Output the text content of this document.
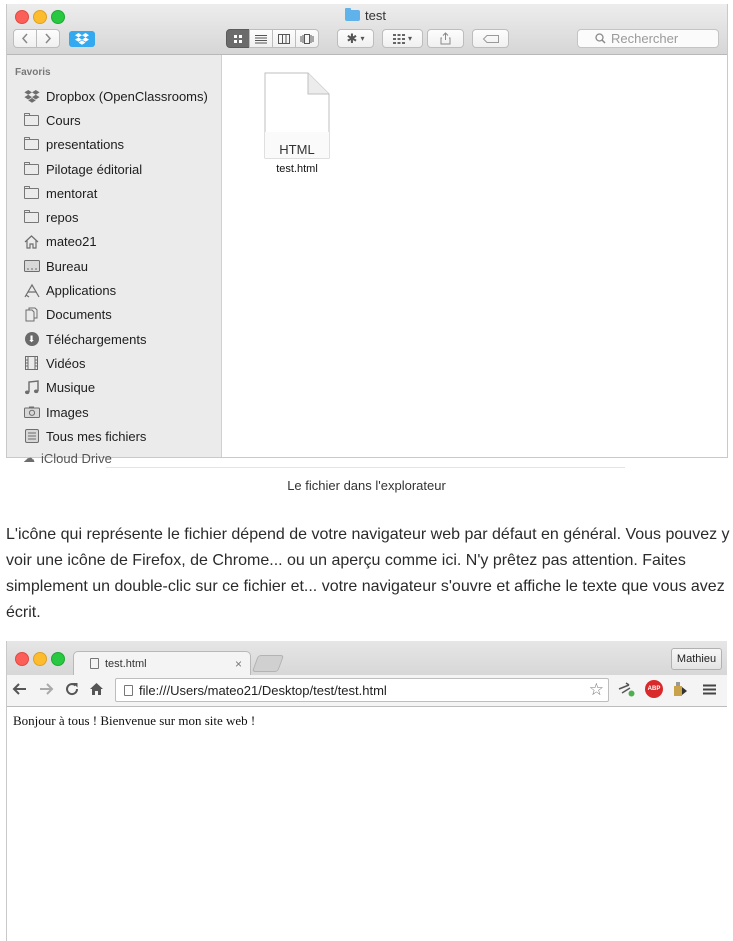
test
✱ ▾	▾
Rechercher
Favoris
Dropbox (OpenClassrooms)
Cours
presentations
Pilotage éditorial
mentorat
repos
mateo21
Bureau
Applications
Documents
⬇ Téléchargements
Vidéos
Musique
Images
Tous mes fichiers
☁ iCloud Drive
HTML
test.html
Le fichier dans l'explorateur

L'icône qui représente le fichier dépend de votre navigateur web par défaut en général. Vous pouvez y voir une icône de Firefox, de Chrome... ou un aperçu comme ici. N'y prêtez pas attention. Faites simplement un double-clic sur ce fichier et... votre navigateur s'ouvre et affiche le texte que vous avez écrit.

test.html	×	Mathieu
file:///Users/mateo21/Desktop/test/test.html	☆	ABP
Bonjour à tous ! Bienvenue sur mon site web !
